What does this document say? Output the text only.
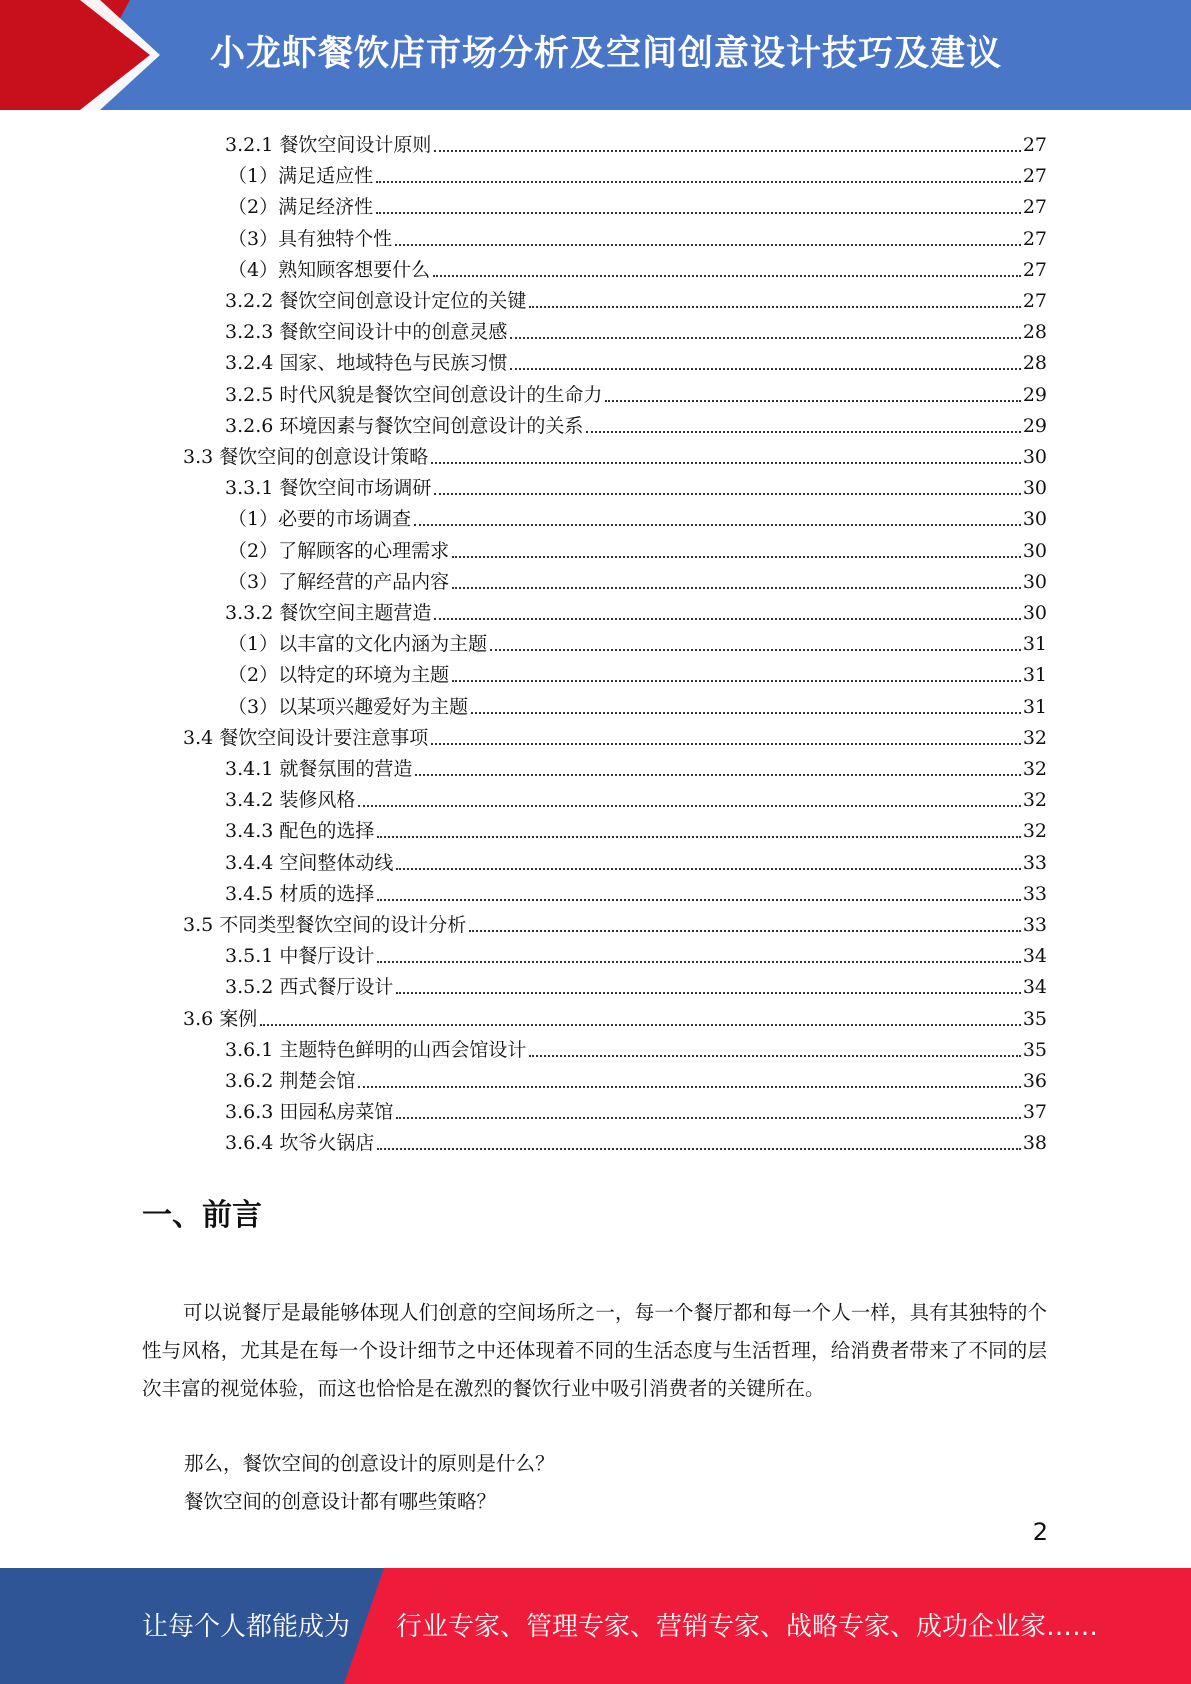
小龙虾餐饮店市场分析及空间创意设计技巧及建议
3.2.1 餐饮空间设计原则	27
（1）满足适应性	27
（2）满足经济性	27
（3）具有独特个性	27
（4）熟知顾客想要什么	27
3.2.2 餐饮空间创意设计定位的关键	27
3.2.3 餐飲空间设计中的创意灵感	28
3.2.4 国家、地域特色与民族习惯	28
3.2.5 时代风貌是餐饮空间创意设计的生命力	29
3.2.6 环境因素与餐饮空间创意设计的关系	29
3.3 餐饮空间的创意设计策略	30
3.3.1 餐饮空间市场调研	30
（1）必要的市场调查	30
（2）了解顾客的心理需求	30
（3）了解经营的产品内容	30
3.3.2 餐饮空间主题营造	30
（1）以丰富的文化内涵为主题	31
（2）以特定的环境为主题	31
（3）以某项兴趣爱好为主题	31
3.4 餐饮空间设计要注意事项	32
3.4.1 就餐氛围的营造	32
3.4.2 装修风格	32
3.4.3 配色的选择	32
3.4.4 空间整体动线	33
3.4.5 材质的选择	33
3.5 不同类型餐饮空间的设计分析	33
3.5.1 中餐厅设计	34
3.5.2 西式餐厅设计	34
3.6 案例	35
3.6.1 主题特色鲜明的山西会馆设计	35
3.6.2 荆楚会馆	36
3.6.3 田园私房菜馆	37
3.6.4 坎爷火锅店	38
一、前言
可以说餐厅是最能够体现人们创意的空间场所之一，每一个餐厅都和每一个人一样，具有其独特的个性与风格，尤其是在每一个设计细节之中还体现着不同的生活态度与生活哲理，给消费者带来了不同的层次丰富的视觉体验，而这也恰恰是在激烈的餐饮行业中吸引消费者的关键所在。
那么，餐饮空间的创意设计的原则是什么？
餐饮空间的创意设计都有哪些策略？
2
让每个人都能成为 行业专家、管理专家、营销专家、战略专家、成功企业家……
